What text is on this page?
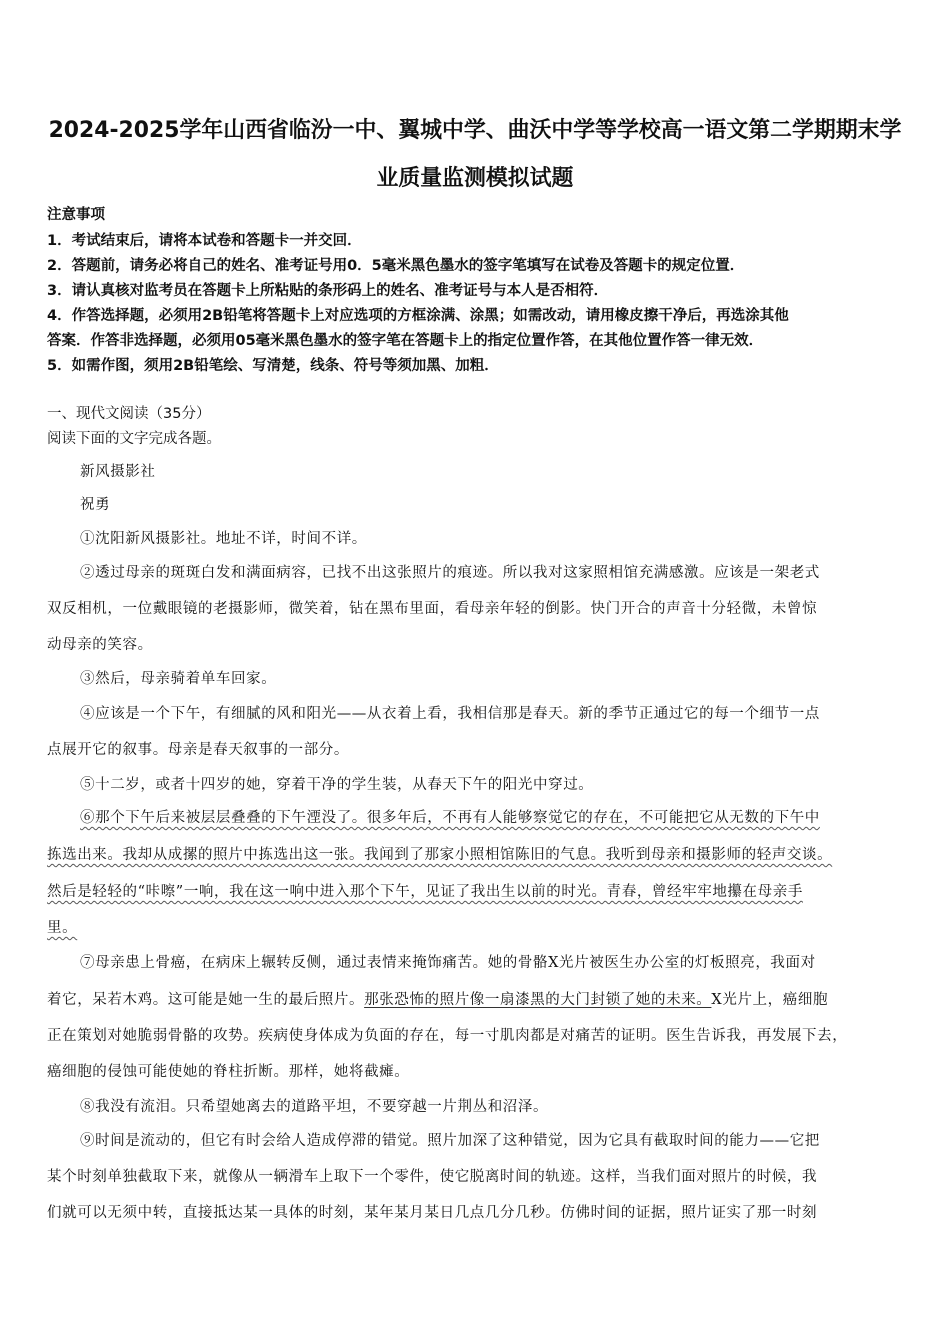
2024-2025学年山西省临汾一中、翼城中学、曲沃中学等学校高一语文第二学期期末学
业质量监测模拟试题
注意事项
1．考试结束后，请将本试卷和答题卡一并交回．
2．答题前，请务必将自己的姓名、准考证号用0．5毫米黑色墨水的签字笔填写在试卷及答题卡的规定位置．
3．请认真核对监考员在答题卡上所粘贴的条形码上的姓名、准考证号与本人是否相符．
4．作答选择题，必须用2B铅笔将答题卡上对应选项的方框涂满、涂黑；如需改动，请用橡皮擦干净后，再选涂其他
答案．作答非选择题，必须用05毫米黑色墨水的签字笔在答题卡上的指定位置作答，在其他位置作答一律无效．
5．如需作图，须用2B铅笔绘、写清楚，线条、符号等须加黑、加粗．
一、现代文阅读（35分）
阅读下面的文字完成各题。
新风摄影社
祝勇
①沈阳新风摄影社。地址不详，时间不详。
②透过母亲的斑斑白发和满面病容，已找不出这张照片的痕迹。所以我对这家照相馆充满感激。应该是一架老式
双反相机，一位戴眼镜的老摄影师，微笑着，钻在黑布里面，看母亲年轻的倒影。快门开合的声音十分轻微，未曾惊
动母亲的笑容。
③然后，母亲骑着单车回家。
④应该是一个下午，有细腻的风和阳光——从衣着上看，我相信那是春天。新的季节正通过它的每一个细节一点
点展开它的叙事。母亲是春天叙事的一部分。
⑤十二岁，或者十四岁的她，穿着干净的学生装，从春天下午的阳光中穿过。
⑥那个下午后来被层层叠叠的下午湮没了。很多年后，不再有人能够察觉它的存在，不可能把它从无数的下午中
拣选出来。我却从成摞的照片中拣选出这一张。我闻到了那家小照相馆陈旧的气息。我听到母亲和摄影师的轻声交谈。
然后是轻轻的“咔嚓”一响，我在这一响中进入那个下午，见证了我出生以前的时光。青春，曾经牢牢地攥在母亲手
里。
⑦母亲患上骨癌，在病床上辗转反侧，通过表情来掩饰痛苦。她的骨骼X光片被医生办公室的灯板照亮，我面对
着它，呆若木鸡。这可能是她一生的最后照片。那张恐怖的照片像一扇漆黑的大门封锁了她的未来。X光片上，癌细胞
正在策划对她脆弱骨骼的攻势。疾病使身体成为负面的存在，每一寸肌肉都是对痛苦的证明。医生告诉我，再发展下去，
癌细胞的侵蚀可能使她的脊柱折断。那样，她将截瘫。
⑧我没有流泪。只希望她离去的道路平坦，不要穿越一片荆丛和沼泽。
⑨时间是流动的，但它有时会给人造成停滞的错觉。照片加深了这种错觉，因为它具有截取时间的能力——它把
某个时刻单独截取下来，就像从一辆滑车上取下一个零件，使它脱离时间的轨迹。这样，当我们面对照片的时候，我
们就可以无须中转，直接抵达某一具体的时刻，某年某月某日几点几分几秒。仿佛时间的证据，照片证实了那一时刻
